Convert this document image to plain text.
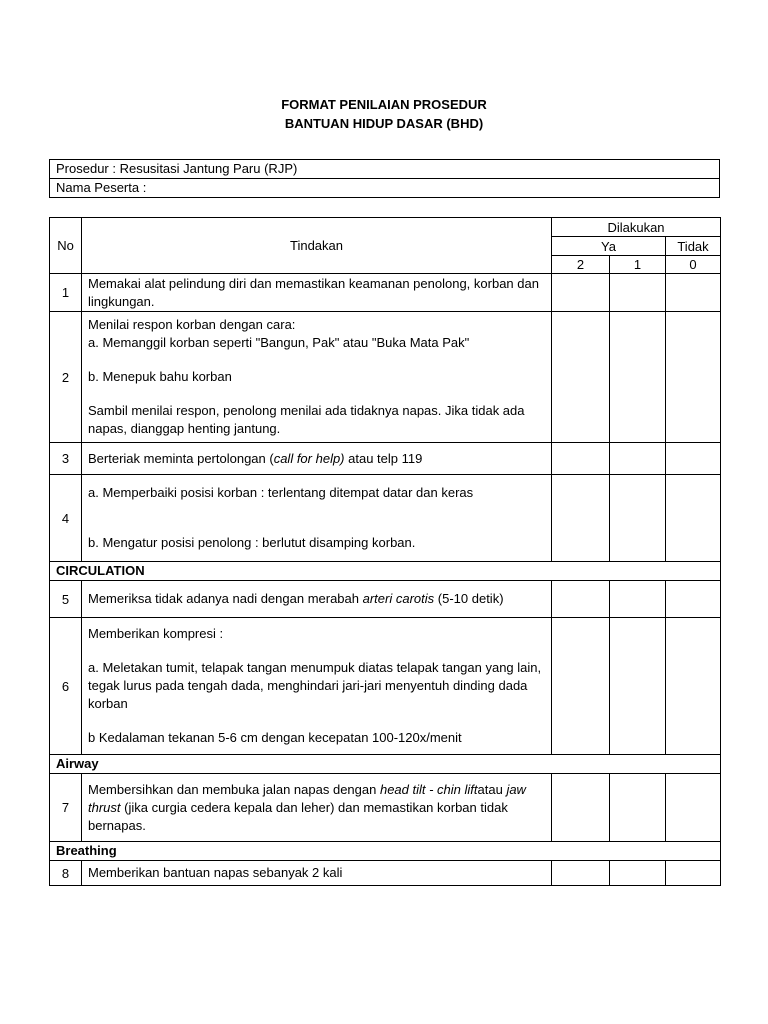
FORMAT PENILAIAN PROSEDUR
BANTUAN HIDUP DASAR (BHD)
Prosedur : Resusitasi Jantung Paru (RJP)
Nama Peserta :
No	Tindakan	Dilakukan		
		Ya		Tidak
		2	1	0
1	Memakai alat pelindung diri dan memastikan keamanan penolong, korban dan lingkungan.			
2	Menilai respon korban dengan cara:

a. Memanggil korban seperti "Bangun, Pak" atau "Buka Mata Pak"

b. Menepuk bahu korban

Sambil menilai respon, penolong menilai ada tidaknya napas. Jika tidak ada napas, dianggap henting jantung.			

3	Berteriak meminta pertolongan (call for help) atau telp 119			
4	a. Memperbaiki posisi korban : terlentang ditempat datar dan keras

b. Mengatur posisi penolong : berlutut disamping korban.			

CIRCULATION				
5	Memeriksa tidak adanya nadi dengan merabah arteri carotis (5-10 detik)			
6	Memberikan kompresi :

a. Meletakan tumit, telapak tangan menumpuk diatas telapak tangan yang lain, tegak lurus pada tengah dada, menghindari jari-jari menyentuh dinding dada korban

b Kedalaman tekanan 5-6 cm dengan kecepatan 100-120x/menit			

Airway				
7	Membersihkan dan membuka jalan napas dengan head tilt - chin liftatau jaw thrust (jika curgia cedera kepala dan leher) dan memastikan korban tidak bernapas.			
Breathing				
8	Memberikan bantuan napas sebanyak 2 kali			
